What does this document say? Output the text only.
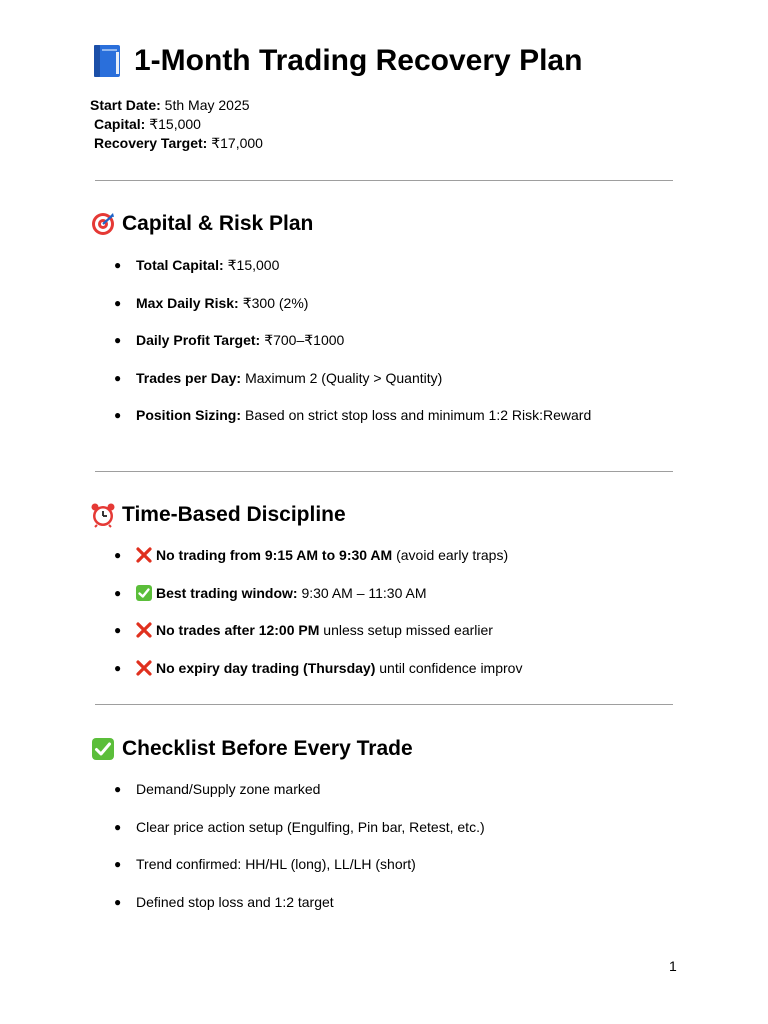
1-Month Trading Recovery Plan
Start Date: 5th May 2025
Capital: ₹15,000
Recovery Target: ₹17,000
Capital & Risk Plan
● Total Capital: ₹15,000
● Max Daily Risk: ₹300 (2%)
● Daily Profit Target: ₹700–₹1000
● Trades per Day: Maximum 2 (Quality > Quantity)
● Position Sizing: Based on strict stop loss and minimum 1:2 Risk:Reward
Time-Based Discipline
● No trading from 9:15 AM to 9:30 AM (avoid early traps)
● Best trading window: 9:30 AM – 11:30 AM
● No trades after 12:00 PM unless setup missed earlier
● No expiry day trading (Thursday) until confidence improv
Checklist Before Every Trade
● Demand/Supply zone marked
● Clear price action setup (Engulfing, Pin bar, Retest, etc.)
● Trend confirmed: HH/HL (long), LL/LH (short)
● Defined stop loss and 1:2 target
1
